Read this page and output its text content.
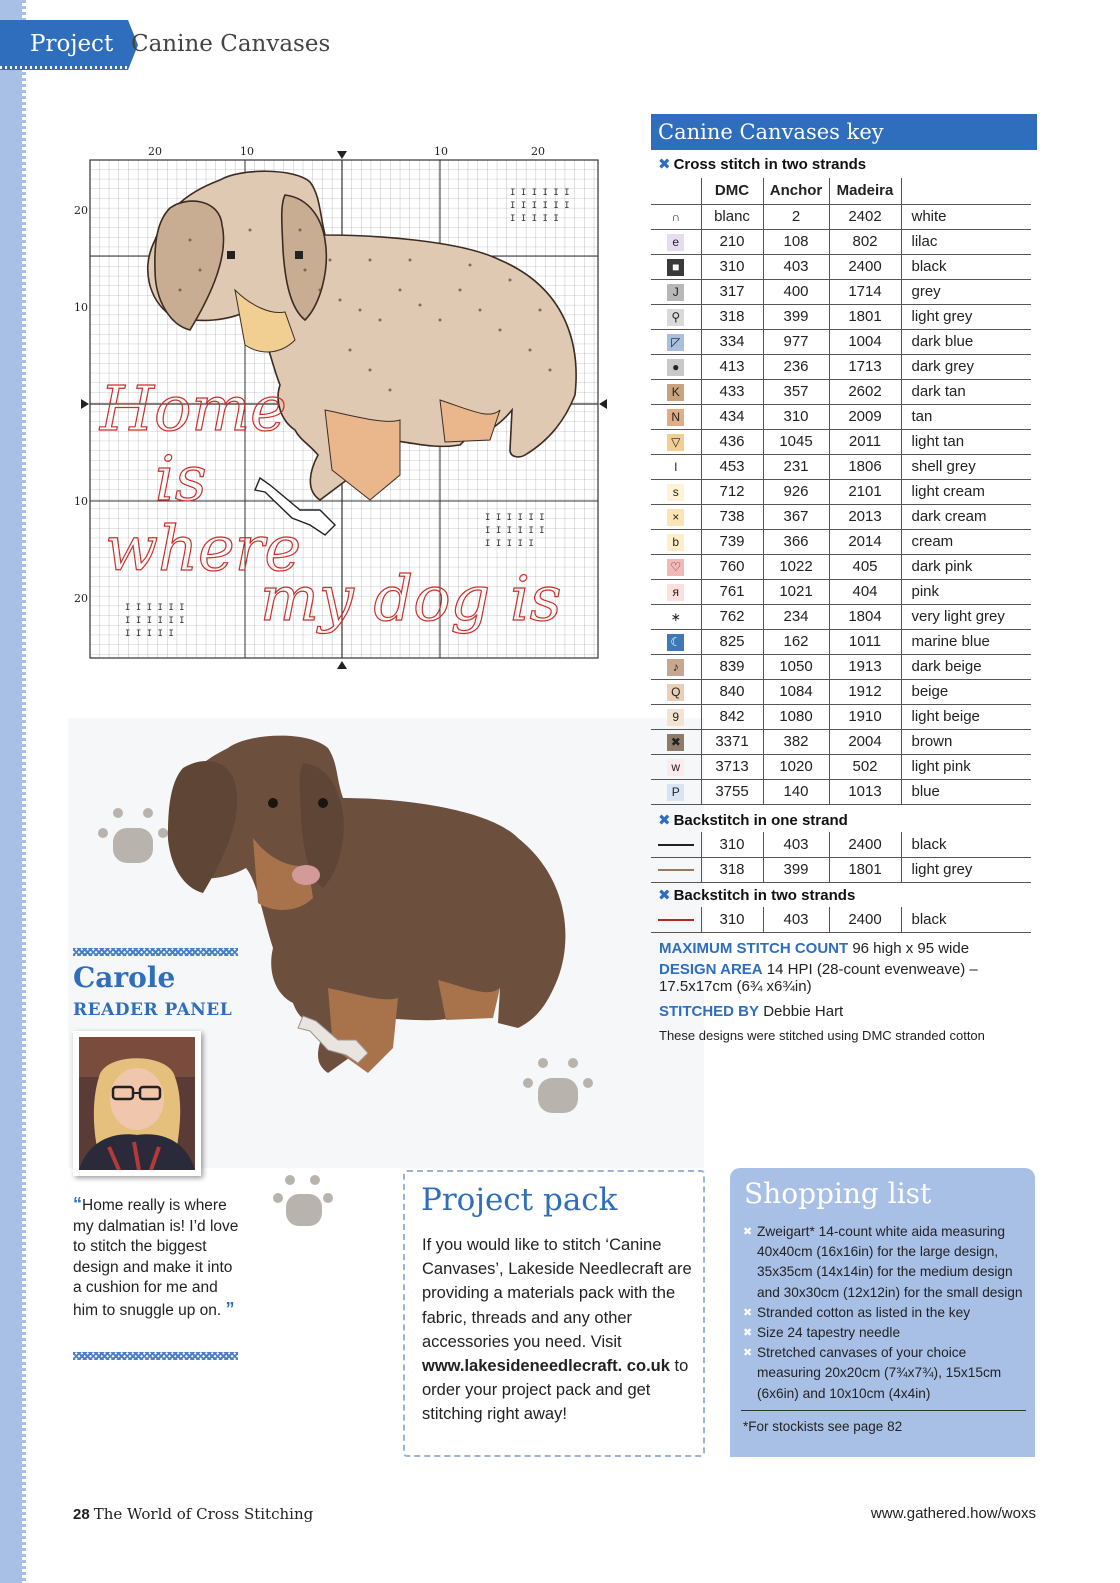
Project Canine Canvases
20	10	10	20
20
10
10
20
Home
is
where
my dog is
I I I I I I
I I I I I I
I I I I I
I I I I I I
I I I I I I
I I I I I
I I I I I I
I I I I I I
I I I I I
Canine Canvases key
✖ Cross stitch in two strands
	DMC	Anchor	Madeira	
∩	blanc	2	2402	white
e	210	108	802	lilac
■	310	403	2400	black
J	317	400	1714	grey
⚲	318	399	1801	light grey
◸	334	977	1004	dark blue
●	413	236	1713	dark grey
K	433	357	2602	dark tan
N	434	310	2009	tan
▽	436	1045	2011	light tan
I	453	231	1806	shell grey
s	712	926	2101	light cream
×	738	367	2013	dark cream
b	739	366	2014	cream
♡	760	1022	405	dark pink
я	761	1021	404	pink
∗	762	234	1804	very light grey
☾	825	162	1011	marine blue
♪	839	1050	1913	dark beige
Q	840	1084	1912	beige
9	842	1080	1910	light beige
✖	3371	382	2004	brown
w	3713	1020	502	light pink
P	3755	140	1013	blue
✖ Backstitch in one strand
	310	403	2400	black
	318	399	1801	light grey
✖ Backstitch in two strands
	310	403	2400	black
MAXIMUM STITCH COUNT 96 high x 95 wide
DESIGN AREA 14 HPI (28-count evenweave) –
17.5x17cm (6¾ x6¾in)
STITCHED BY Debbie Hart
These designs were stitched using DMC stranded cotton
Carole
READER PANEL
“Home really is where my dalmatian is! I’d love to stitch the biggest design and make it into a cushion for me and him to snuggle up on. ”
Project pack
If you would like to stitch ‘Canine Canvases’, Lakeside Needlecraft are providing a materials pack with the fabric, threads and any other accessories you need. Visit www.lakesideneedlecraft. co.uk to order your project pack and get stitching right away!
Shopping list
✖ Zweigart* 14-count white aida measuring 40x40cm (16x16in) for the large design, 35x35cm (14x14in) for the medium design and 30x30cm (12x12in) for the small design
✖ Stranded cotton as listed in the key
✖ Size 24 tapestry needle
✖ Stretched canvases of your choice measuring 20x20cm (7¾x7¾), 15x15cm (6x6in) and 10x10cm (4x4in)
*For stockists see page 82
28 The World of Cross Stitching	www.gathered.how/woxs
